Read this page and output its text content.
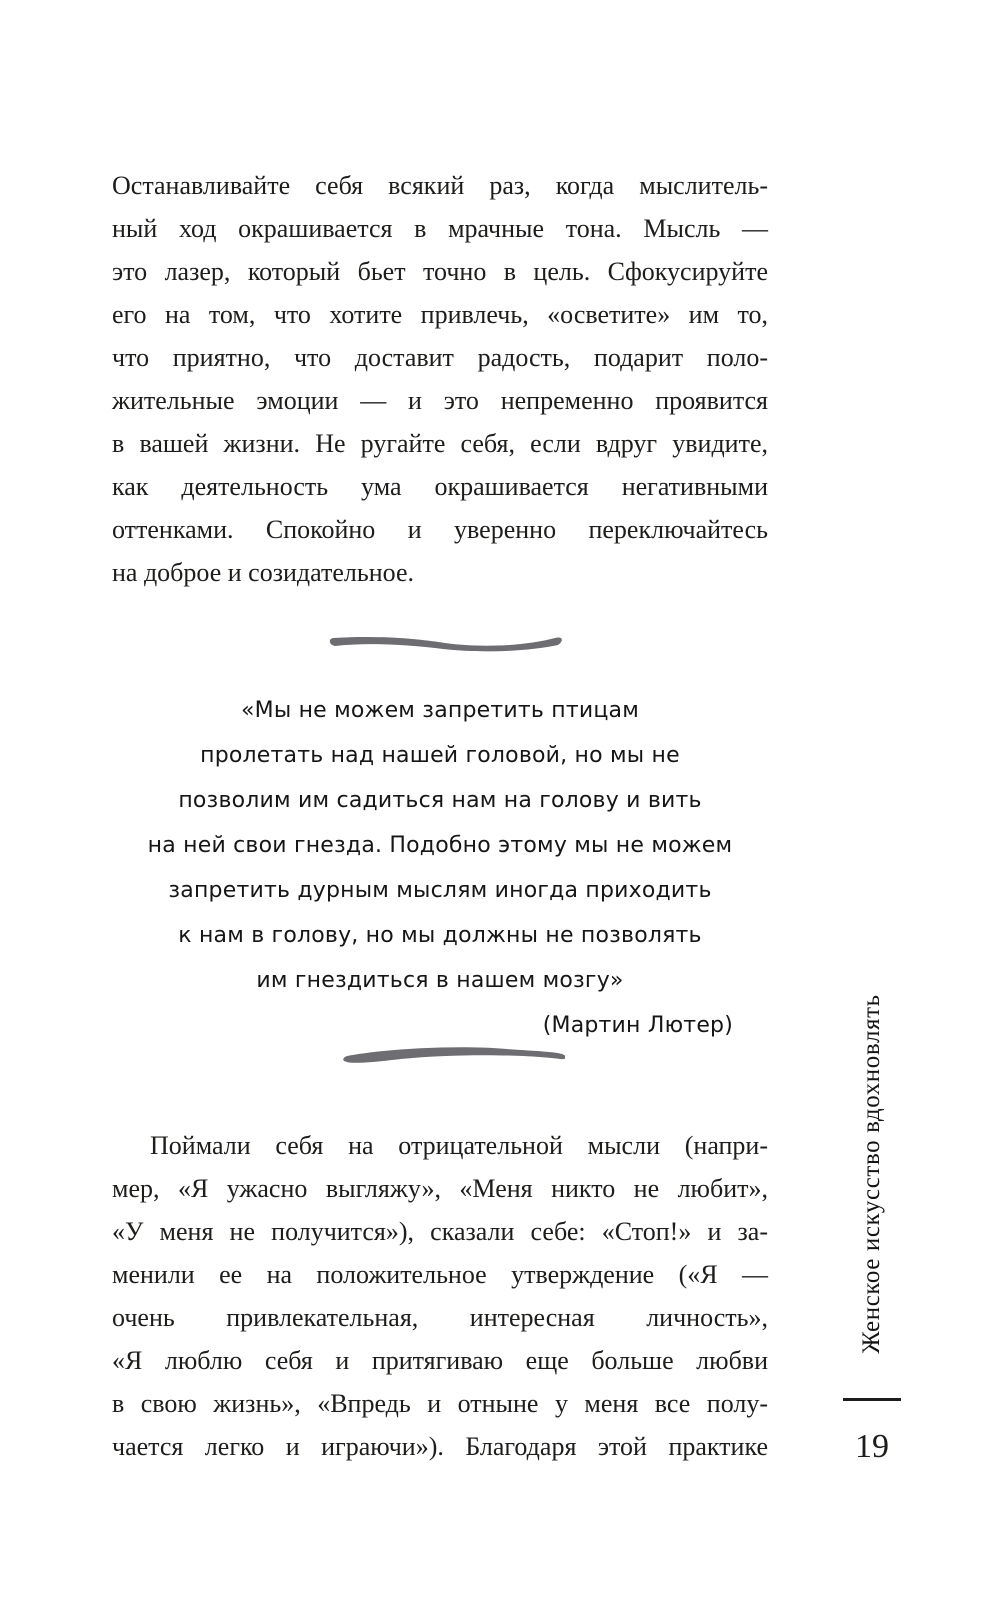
Останавливайте себя всякий раз, когда мыслитель-
ный ход окрашивается в мрачные тона. Мысль —
это лазер, который бьет точно в цель. Сфокусируйте
его на том, что хотите привлечь, «осветите» им то,
что приятно, что доставит радость, подарит поло-
жительные эмоции — и это непременно проявится
в вашей жизни. Не ругайте себя, если вдруг увидите,
как деятельность ума окрашивается негативными
оттенками. Спокойно и уверенно переключайтесь
на доброе и созидательное.
«Мы не можем запретить птицам
пролетать над нашей головой, но мы не
позволим им садиться нам на голову и вить
на ней свои гнезда. Подобно этому мы не можем
запретить дурным мыслям иногда приходить
к нам в голову, но мы должны не позволять
им гнездиться в нашем мозгу»
(Мартин Лютер)
Поймали себя на отрицательной мысли (напри-
мер, «Я ужасно выгляжу», «Меня никто не любит»,
«У меня не получится»), сказали себе: «Стоп!» и за-
менили ее на положительное утверждение («Я —
очень привлекательная, интересная личность»,
«Я люблю себя и притягиваю еще больше любви
в свою жизнь», «Впредь и отныне у меня все полу-
чается легко и играючи»). Благодаря этой практике
Женское искусство вдохновлять
19
